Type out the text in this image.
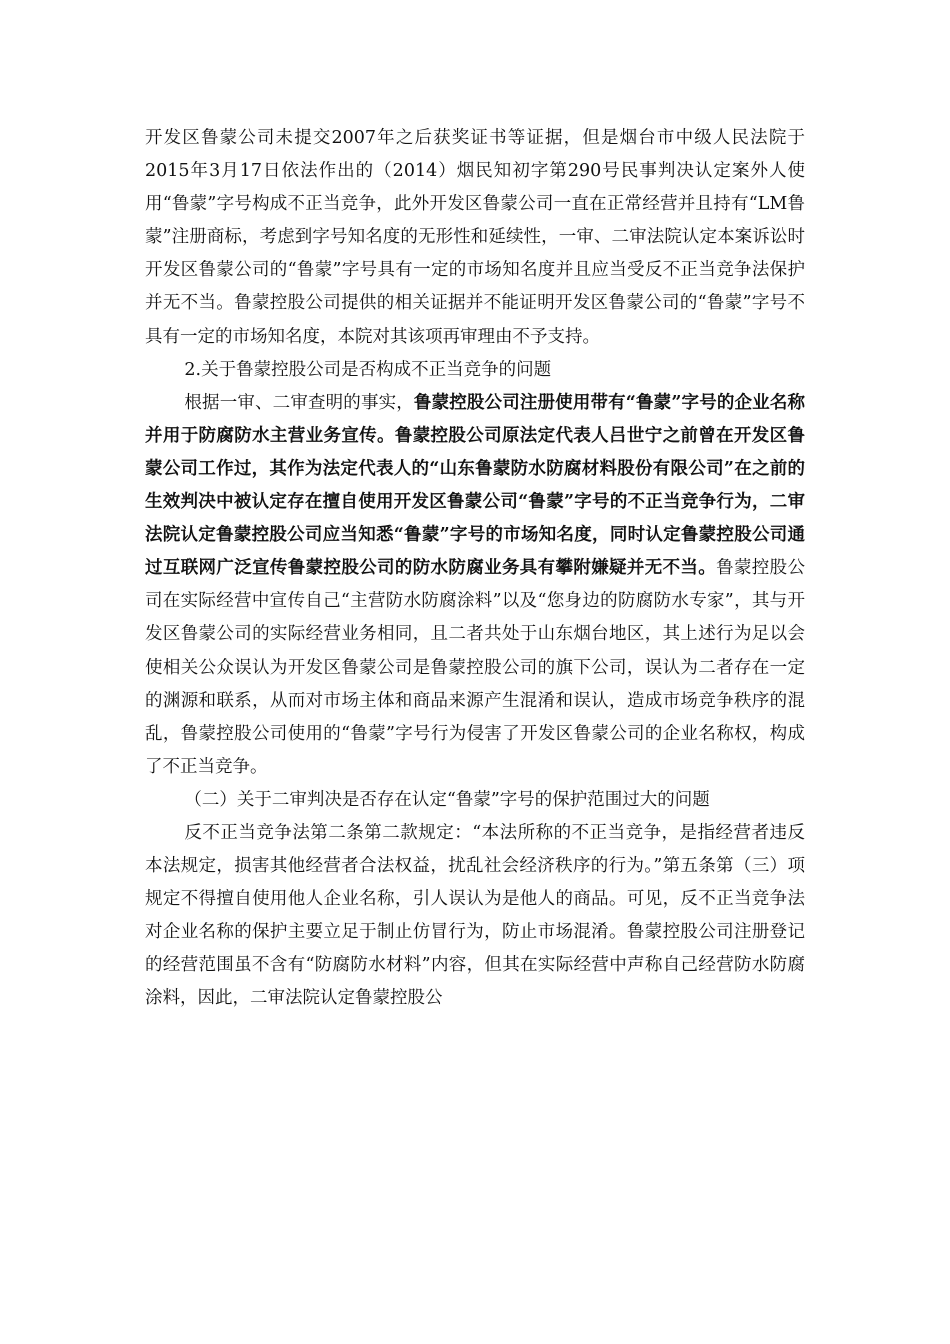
开发区鲁蒙公司未提交2007年之后获奖证书等证据，但是烟台市中级人民法院于2015年3月17日依法作出的（2014）烟民知初字第290号民事判决认定案外人使用“鲁蒙”字号构成不正当竞争，此外开发区鲁蒙公司一直在正常经营并且持有“LM鲁蒙”注册商标，考虑到字号知名度的无形性和延续性，一审、二审法院认定本案诉讼时开发区鲁蒙公司的“鲁蒙”字号具有一定的市场知名度并且应当受反不正当竞争法保护并无不当。鲁蒙控股公司提供的相关证据并不能证明开发区鲁蒙公司的“鲁蒙”字号不具有一定的市场知名度，本院对其该项再审理由不予支持。

2.关于鲁蒙控股公司是否构成不正当竞争的问题

根据一审、二审查明的事实，鲁蒙控股公司注册使用带有“鲁蒙”字号的企业名称并用于防腐防水主营业务宣传。鲁蒙控股公司原法定代表人吕世宁之前曾在开发区鲁蒙公司工作过，其作为法定代表人的“山东鲁蒙防水防腐材料股份有限公司”在之前的生效判决中被认定存在擅自使用开发区鲁蒙公司“鲁蒙”字号的不正当竞争行为，二审法院认定鲁蒙控股公司应当知悉“鲁蒙”字号的市场知名度，同时认定鲁蒙控股公司通过互联网广泛宣传鲁蒙控股公司的防水防腐业务具有攀附嫌疑并无不当。鲁蒙控股公司在实际经营中宣传自己“主营防水防腐涂料”以及“您身边的防腐防水专家”，其与开发区鲁蒙公司的实际经营业务相同，且二者共处于山东烟台地区，其上述行为足以会使相关公众误认为开发区鲁蒙公司是鲁蒙控股公司的旗下公司，误认为二者存在一定的渊源和联系，从而对市场主体和商品来源产生混淆和误认，造成市场竞争秩序的混乱，鲁蒙控股公司使用的“鲁蒙”字号行为侵害了开发区鲁蒙公司的企业名称权，构成了不正当竞争。

（二）关于二审判决是否存在认定“鲁蒙”字号的保护范围过大的问题

反不正当竞争法第二条第二款规定：“本法所称的不正当竞争，是指经营者违反本法规定，损害其他经营者合法权益，扰乱社会经济秩序的行为。”第五条第（三）项规定不得擅自使用他人企业名称，引人误认为是他人的商品。可见，反不正当竞争法对企业名称的保护主要立足于制止仿冒行为，防止市场混淆。鲁蒙控股公司注册登记的经营范围虽不含有“防腐防水材料”内容，但其在实际经营中声称自己经营防水防腐涂料，因此，二审法院认定鲁蒙控股公
